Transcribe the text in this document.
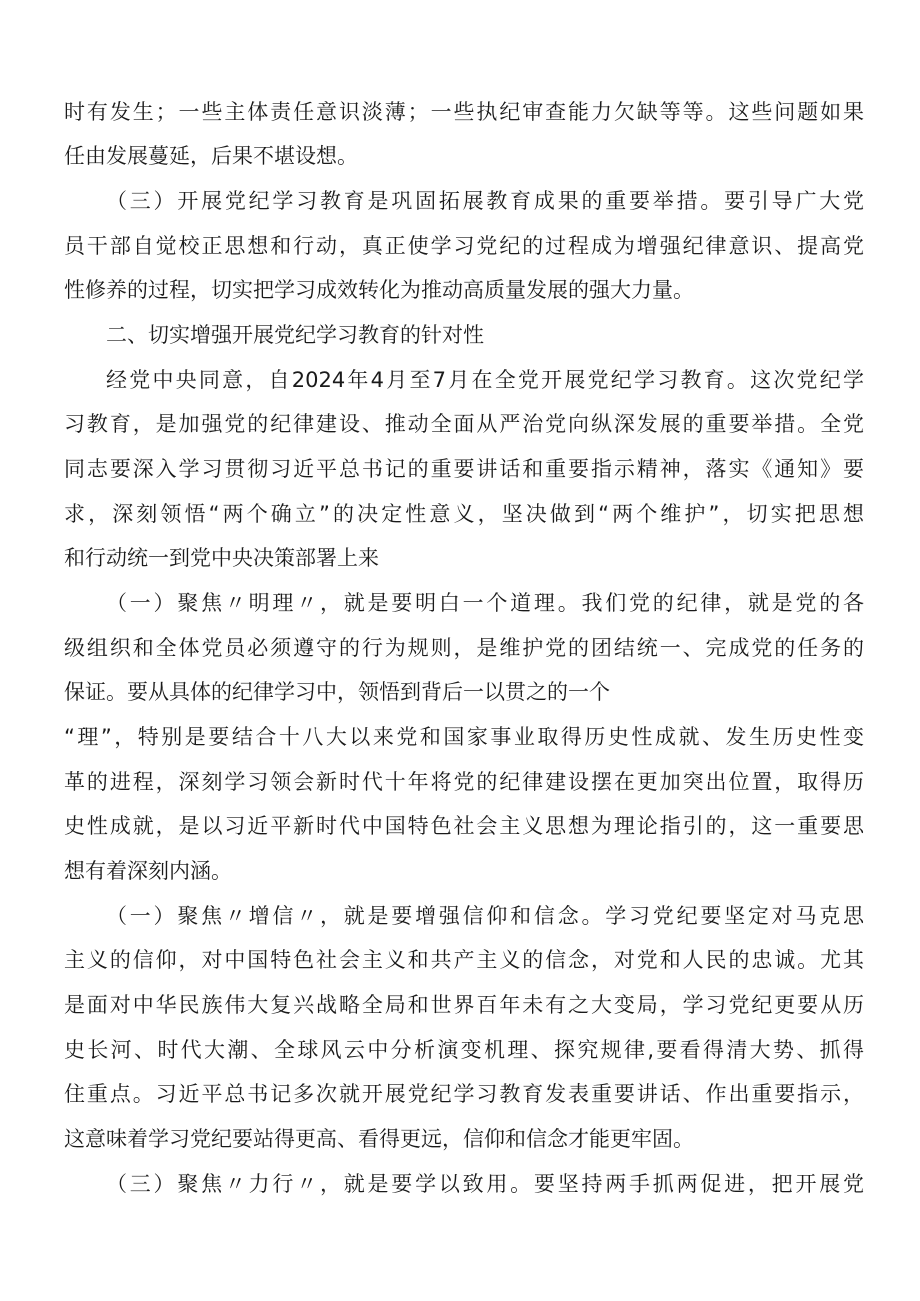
时有发生；一些主体责任意识淡薄；一些执纪审查能力欠缺等等。这些问题如果
任由发展蔓延，后果不堪设想。
（三）开展党纪学习教育是巩固拓展教育成果的重要举措。要引导广大党
员干部自觉校正思想和行动，真正使学习党纪的过程成为增强纪律意识、提高党
性修养的过程，切实把学习成效转化为推动高质量发展的强大力量。
二、切实增强开展党纪学习教育的针对性
经党中央同意，自2024年4月至7月在全党开展党纪学习教育。这次党纪学
习教育，是加强党的纪律建设、推动全面从严治党向纵深发展的重要举措。全党
同志要深入学习贯彻习近平总书记的重要讲话和重要指示精神，落实《通知》要
求，深刻领悟“两个确立”的决定性意义，坚决做到“两个维护”，切实把思想
和行动统一到党中央决策部署上来
（一）聚焦〃明理〃，就是要明白一个道理。我们党的纪律，就是党的各
级组织和全体党员必须遵守的行为规则，是维护党的团结统一、完成党的任务的
保证。要从具体的纪律学习中，领悟到背后一以贯之的一个
“理”，特别是要结合十八大以来党和国家事业取得历史性成就、发生历史性变
革的进程，深刻学习领会新时代十年将党的纪律建设摆在更加突出位置，取得历
史性成就，是以习近平新时代中国特色社会主义思想为理论指引的，这一重要思
想有着深刻内涵。
（一）聚焦〃增信〃，就是要增强信仰和信念。学习党纪要坚定对马克思
主义的信仰，对中国特色社会主义和共产主义的信念，对党和人民的忠诚。尤其
是面对中华民族伟大复兴战略全局和世界百年未有之大变局，学习党纪更要从历
史长河、时代大潮、全球风云中分析演变机理、探究规律,要看得清大势、抓得
住重点。习近平总书记多次就开展党纪学习教育发表重要讲话、作出重要指示，
这意味着学习党纪要站得更高、看得更远，信仰和信念才能更牢固。
（三）聚焦〃力行〃，就是要学以致用。要坚持两手抓两促进，把开展党
